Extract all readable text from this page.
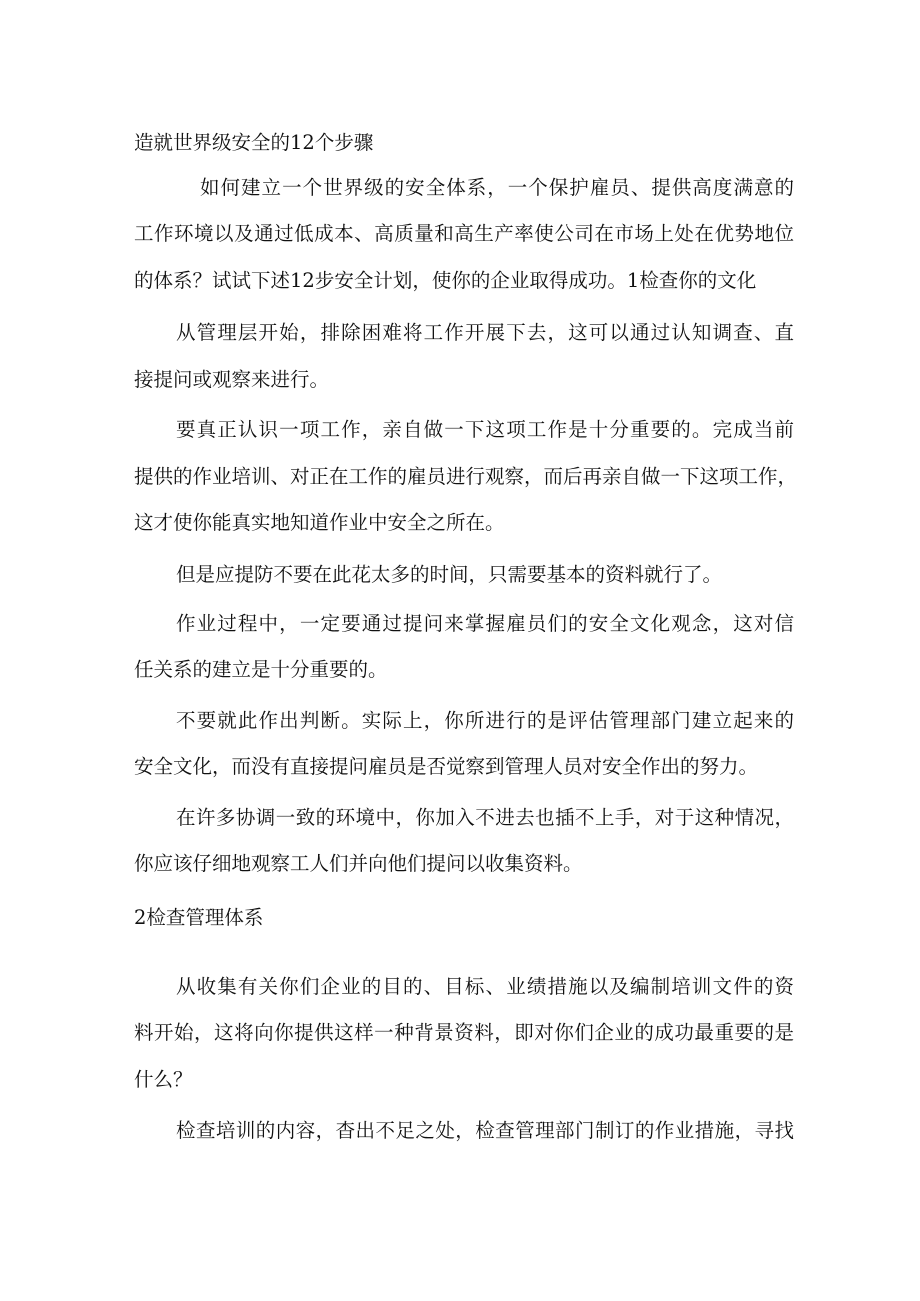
造就世界级安全的12个步骤
如何建立一个世界级的安全体系，一个保护雇员、提供高度满意的
工作环境以及通过低成本、高质量和高生产率使公司在市场上处在优势地位
的体系？试试下述12步安全计划，使你的企业取得成功。1检查你的文化
从管理层开始，排除困难将工作开展下去，这可以通过认知调查、直
接提问或观察来进行。
要真正认识一项工作，亲自做一下这项工作是十分重要的。完成当前
提供的作业培训、对正在工作的雇员进行观察，而后再亲自做一下这项工作，
这才使你能真实地知道作业中安全之所在。
但是应提防不要在此花太多的时间，只需要基本的资料就行了。
作业过程中，一定要通过提问来掌握雇员们的安全文化观念，这对信
任关系的建立是十分重要的。
不要就此作出判断。实际上，你所进行的是评估管理部门建立起来的
安全文化，而没有直接提问雇员是否觉察到管理人员对安全作出的努力。
在许多协调一致的环境中，你加入不进去也插不上手，对于这种情况，
你应该仔细地观察工人们并向他们提问以收集资料。
2检查管理体系
从收集有关你们企业的目的、目标、业绩措施以及编制培训文件的资
料开始，这将向你提供这样一种背景资料，即对你们企业的成功最重要的是
什么？
检查培训的内容，杳出不足之处，检查管理部门制订的作业措施，寻找
